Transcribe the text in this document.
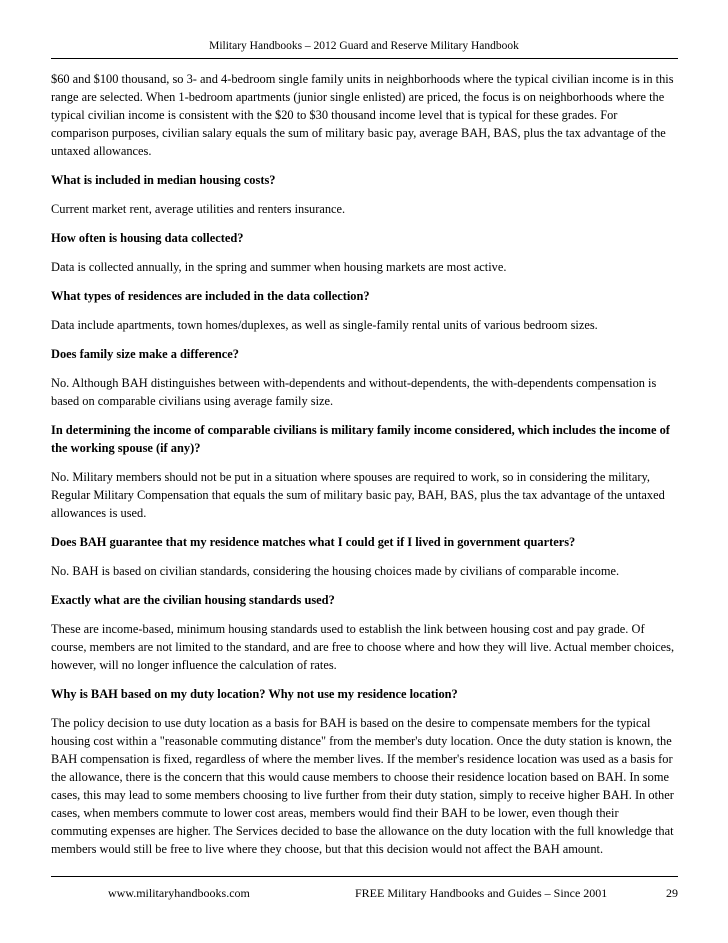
Military Handbooks – 2012 Guard and Reserve Military Handbook

$60 and $100 thousand, so 3- and 4-bedroom single family units in neighborhoods where the typical civilian income is in this range are selected. When 1-bedroom apartments (junior single enlisted) are priced, the focus is on neighborhoods where the typical civilian income is consistent with the $20 to $30 thousand income level that is typical for these grades. For comparison purposes, civilian salary equals the sum of military basic pay, average BAH, BAS, plus the tax advantage of the untaxed allowances.

What is included in median housing costs?

Current market rent, average utilities and renters insurance.

How often is housing data collected?

Data is collected annually, in the spring and summer when housing markets are most active.

What types of residences are included in the data collection?

Data include apartments, town homes/duplexes, as well as single-family rental units of various bedroom sizes.

Does family size make a difference?

No. Although BAH distinguishes between with-dependents and without-dependents, the with-dependents compensation is based on comparable civilians using average family size.

In determining the income of comparable civilians is military family income considered, which includes the income of the working spouse (if any)?

No. Military members should not be put in a situation where spouses are required to work, so in considering the military, Regular Military Compensation that equals the sum of military basic pay, BAH, BAS, plus the tax advantage of the untaxed allowances is used.

Does BAH guarantee that my residence matches what I could get if I lived in government quarters?

No. BAH is based on civilian standards, considering the housing choices made by civilians of comparable income.

Exactly what are the civilian housing standards used?

These are income-based, minimum housing standards used to establish the link between housing cost and pay grade. Of course, members are not limited to the standard, and are free to choose where and how they will live. Actual member choices, however, will no longer influence the calculation of rates.

Why is BAH based on my duty location? Why not use my residence location?

The policy decision to use duty location as a basis for BAH is based on the desire to compensate members for the typical housing cost within a "reasonable commuting distance" from the member's duty location. Once the duty station is known, the BAH compensation is fixed, regardless of where the member lives. If the member's residence location was used as a basis for the allowance, there is the concern that this would cause members to choose their residence location based on BAH. In some cases, this may lead to some members choosing to live further from their duty station, simply to receive higher BAH. In other cases, when members commute to lower cost areas, members would find their BAH to be lower, even though their commuting expenses are higher. The Services decided to base the allowance on the duty location with the full knowledge that members would still be free to live where they choose, but that this decision would not affect the BAH amount.

www.militaryhandbooks.com	FREE Military Handbooks and Guides – Since 2001	29
